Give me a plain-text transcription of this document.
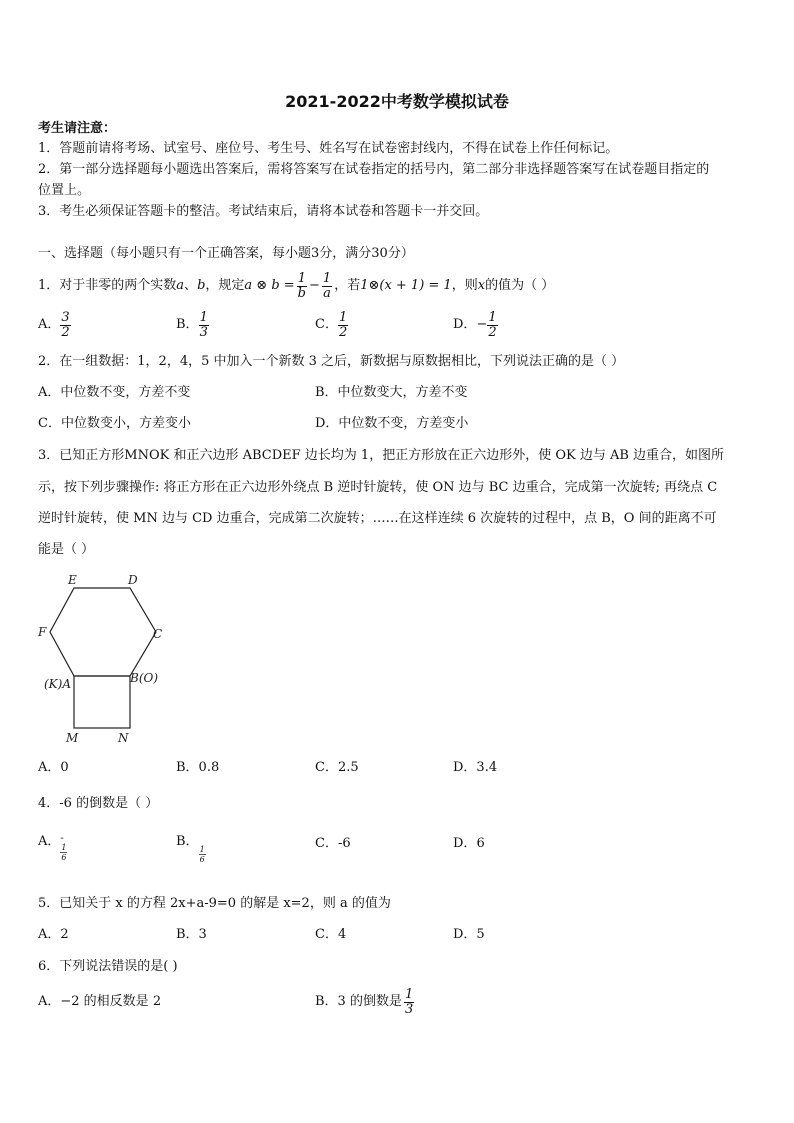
2021-2022中考数学模拟试卷
考生请注意：
1．答题前请将考场、试室号、座位号、考生号、姓名写在试卷密封线内，不得在试卷上作任何标记。
2．第一部分选择题每小题选出答案后，需将答案写在试卷指定的括号内，第二部分非选择题答案写在试卷题目指定的
位置上。
3．考生必须保证答题卡的整洁。考试结束后，请将本试卷和答题卡一并交回。
一、选择题（每小题只有一个正确答案，每小题3分，满分30分）
1．对于非零的两个实数 a 、 b ，规定 a ⊗ $b = \frac{1}{b} - \frac{1}{a}$ ，若 1⊗(x + 1) = 1 ，则 x 的值为（ ）
A． $\frac{3}{2}$	B． $\frac{1}{3}$	C． $\frac{1}{2}$	D． − $\frac{1}{2}$
2．在一组数据：1，2，4，5 中加入一个新数 3 之后，新数据与原数据相比，下列说法正确的是（ ）
A．中位数不变，方差不变	B．中位数变大，方差不变
C．中位数变小，方差变小	D．中位数不变，方差变小
3．已知正方形MNOK 和正六边形 ABCDEF 边长均为 1，把正方形放在正六边形外，使 OK 边与 AB 边重合，如图所
示，按下列步骤操作: 将正方形在正六边形外绕点 B 逆时针旋转，使 ON 边与 BC 边重合，完成第一次旋转; 再绕点 C
逆时针旋转，使 MN 边与 CD 边重合，完成第二次旋转；……在这样连续 6 次旋转的过程中，点 B，O 间的距离不可
能是（ ）
E	D
F	C
(K)A	B(O)
M	N
A．0	B．0.8	C．2.5	D．3.4
4．-6 的倒数是（ ）
A． -
$\frac{1}{6}$
B．
$\frac{1}{6}$
C．-6	D．6
5．已知关于 x 的方程 2x+a-9=0 的解是 x=2，则 a 的值为
A．2	B．3	C．4	D．5
6．下列说法错误的是( )
A．−2 的相反数是 2	B．3 的倒数是 $\frac{1}{3}$
